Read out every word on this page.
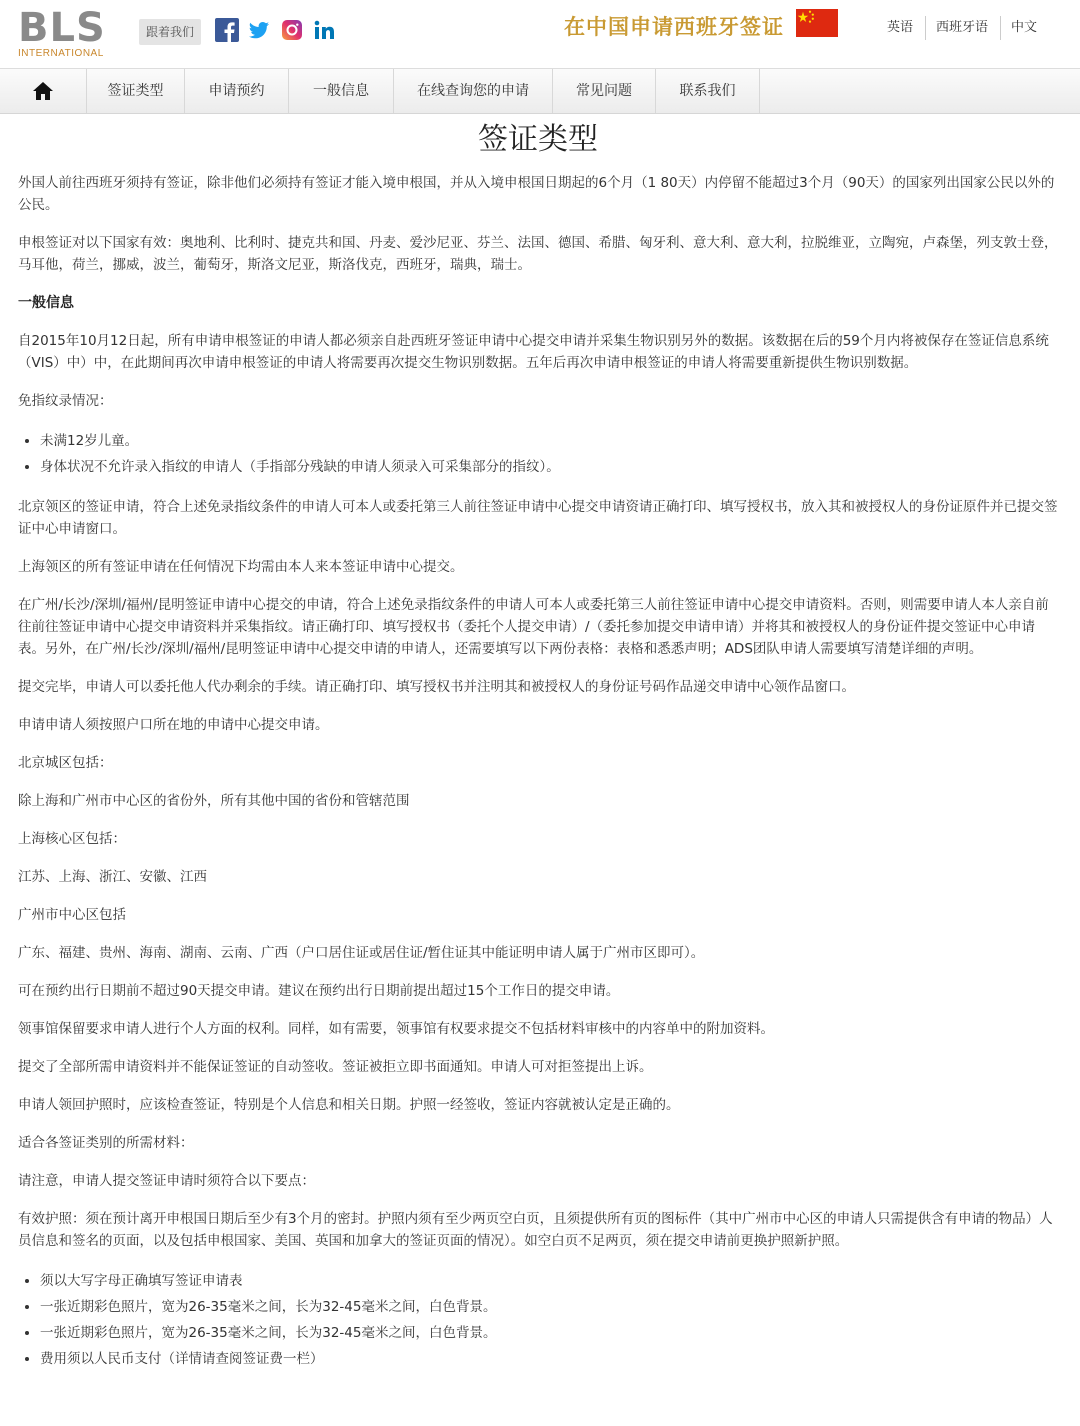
BLS
INTERNATIONAL
跟着我们	在中国申请西班牙签证	英语 西班牙语 中文
签证类型	申请预约	一般信息	在线查询您的申请	常见问题	联系我们
签证类型

外国人前往西班牙须持有签证，除非他们必须持有签证才能入境申根国，并从入境申根国日期起的6个月（1 80天）内停留不能超过3个月（90天）的国家列出国家公民以外的公民。

申根签证对以下国家有效：奥地利、比利时、捷克共和国、丹麦、爱沙尼亚、芬兰、法国、德国、希腊、匈牙利、意大利、意大利，拉脱维亚，立陶宛，卢森堡，列支敦士登，马耳他，荷兰，挪威，波兰，葡萄牙，斯洛文尼亚，斯洛伐克，西班牙，瑞典，瑞士。

一般信息

自2015年10月12日起，所有申请申根签证的申请人都必须亲自赴西班牙签证申请中心提交申请并采集生物识别另外的数据。该数据在后的59个月内将被保存在签证信息系统（VIS）中）中，在此期间再次申请申根签证的申请人将需要再次提交生物识别数据。五年后再次申请申根签证的申请人将需要重新提供生物识别数据。

免指纹录情况：

• 未满12岁儿童。
• 身体状况不允许录入指纹的申请人（手指部分残缺的申请人须录入可采集部分的指纹）。

北京领区的签证申请，符合上述免录指纹条件的申请人可本人或委托第三人前往签证申请中心提交申请资请正确打印、填写授权书，放入其和被授权人的身份证原件并已提交签证中心申请窗口。

上海领区的所有签证申请在任何情况下均需由本人来本签证申请中心提交。

在广州/长沙/深圳/福州/昆明签证申请中心提交的申请，符合上述免录指纹条件的申请人可本人或委托第三人前往签证申请中心提交申请资料。否则，则需要申请人本人亲自前往前往签证申请中心提交申请资料并采集指纹。请正确打印、填写授权书（委托个人提交申请）/（委托参加提交申请申请）并将其和被授权人的身份证件提交签证中心申请表。另外，在广州/长沙/深圳/福州/昆明签证申请中心提交申请的申请人，还需要填写以下两份表格：表格和悉悉声明；ADS团队申请人需要填写清楚详细的声明。

提交完毕，申请人可以委托他人代办剩余的手续。请正确打印、填写授权书并注明其和被授权人的身份证号码作品递交申请中心领作品窗口。

申请申请人须按照户口所在地的申请中心提交申请。

北京城区包括：

除上海和广州市中心区的省份外，所有其他中国的省份和管辖范围

上海核心区包括：

江苏、上海、浙江、安徽、江西

广州市中心区包括

广东、福建、贵州、海南、湖南、云南、广西（户口居住证或居住证/暂住证其中能证明申请人属于广州市区即可）。

可在预约出行日期前不超过90天提交申请。建议在预约出行日期前提出超过15个工作日的提交申请。

领事馆保留要求申请人进行个人方面的权利。同样，如有需要，领事馆有权要求提交不包括材料审核中的内容单中的附加资料。

提交了全部所需申请资料并不能保证签证的自动签收。签证被拒立即书面通知。申请人可对拒签提出上诉。

申请人领回护照时，应该检查签证，特别是个人信息和相关日期。护照一经签收，签证内容就被认定是正确的。

适合各签证类别的所需材料：

请注意，申请人提交签证申请时须符合以下要点：

有效护照：须在预计离开申根国日期后至少有3个月的密封。护照内须有至少两页空白页，且须提供所有页的图标件（其中广州市中心区的申请人只需提供含有申请的物品）人员信息和签名的页面，以及包括申根国家、美国、英国和加拿大的签证页面的情况）。如空白页不足两页，须在提交申请前更换护照新护照。

• 须以大写字母正确填写签证申请表
• 一张近期彩色照片，宽为26-35毫米之间，长为32-45毫米之间，白色背景。
• 一张近期彩色照片，宽为26-35毫米之间，长为32-45毫米之间，白色背景。
• 费用须以人民币支付（详情请查阅签证费一栏）
